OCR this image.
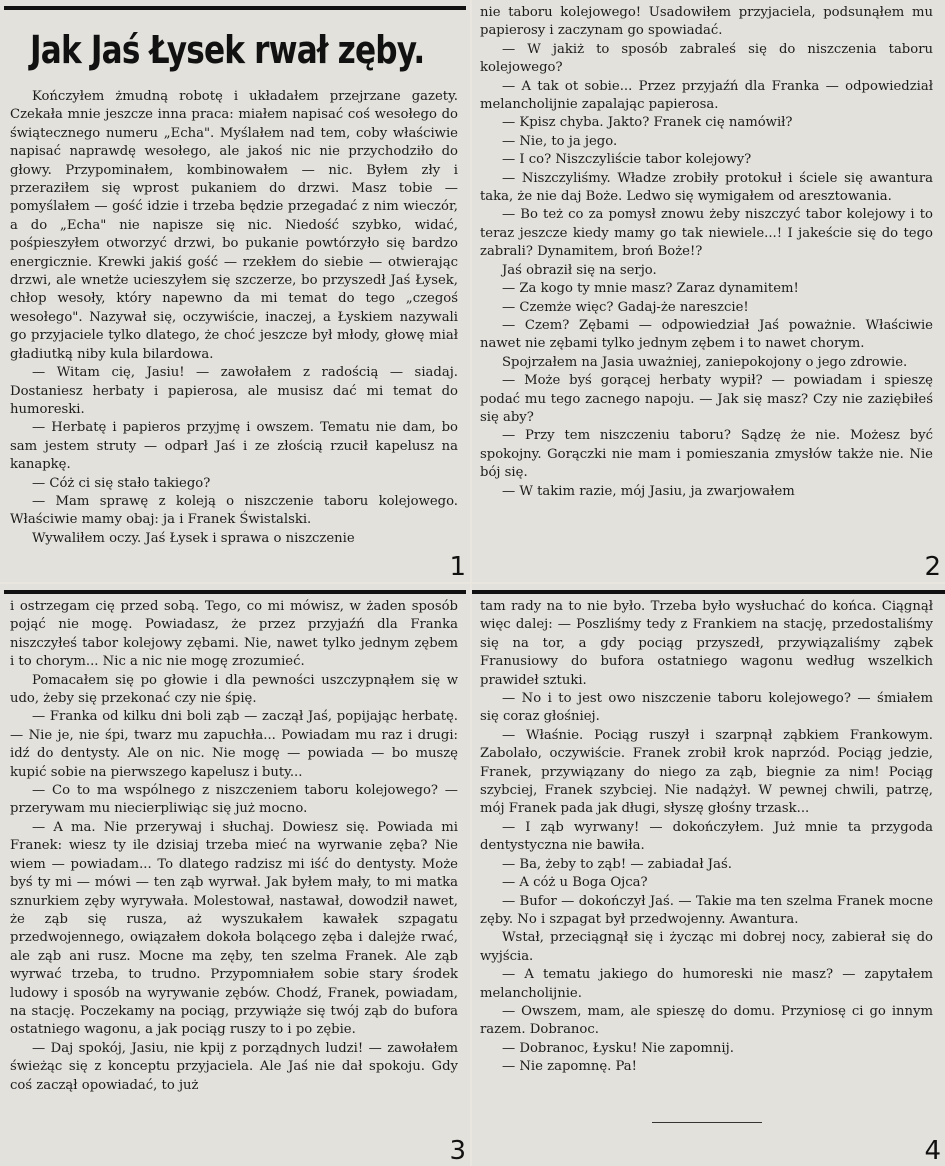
Jak Jaś Łysek rwał zęby.

Kończyłem żmudną robotę i układałem przejrzane gazety. Czekała mnie jeszcze inna praca: miałem napisać coś wesołego do świątecznego numeru „Echa". Myślałem nad tem, coby właściwie napisać naprawdę wesołego, ale jakoś nic nie przychodziło do głowy. Przypominałem, kombinowałem — nic. Byłem zły i przeraziłem się wprost pukaniem do drzwi. Masz tobie — pomyślałem — gość idzie i trzeba będzie przegadać z nim wieczór, a do „Echa" nie napisze się nic. Niedość szybko, widać, pośpieszyłem otworzyć drzwi, bo pukanie powtórzyło się bardzo energicznie. Krewki jakiś gość — rzekłem do siebie — otwierając drzwi, ale wnetże ucieszyłem się szczerze, bo przyszedł Jaś Łysek, chłop wesoły, który napewno da mi temat do tego „czegoś wesołego". Nazywał się, oczywiście, inaczej, a Łyskiem nazywali go przyjaciele tylko dlatego, że choć jeszcze był młody, głowę miał gładiutką niby kula bilardowa.

— Witam cię, Jasiu! — zawołałem z radością — siadaj. Dostaniesz herbaty i papierosa, ale musisz dać mi temat do humoreski.

— Herbatę i papieros przyjmę i owszem. Tematu nie dam, bo sam jestem struty — odparł Jaś i ze złością rzucił kapelusz na kanapkę.

— Cóż ci się stało takiego?

— Mam sprawę z koleją o niszczenie taboru kolejowego. Właściwie mamy obaj: ja i Franek Świstalski.

Wywaliłem oczy. Jaś Łysek i sprawa o niszczenie

1

nie taboru kolejowego! Usadowiłem przyjaciela, podsunąłem mu papierosy i zaczynam go spowiadać.

— W jakiż to sposób zabraleś się do niszczenia taboru kolejowego?

— A tak ot sobie... Przez przyjaźń dla Franka — odpowiedział melancholijnie zapalając papierosa.

— Kpisz chyba. Jakto? Franek cię namówił?

— Nie, to ja jego.

— I co? Niszczyliście tabor kolejowy?

— Niszczyliśmy. Władze zrobiły protokuł i ściele się awantura taka, że nie daj Boże. Ledwo się wymigałem od aresztowania.

— Bo też co za pomysł znowu żeby niszczyć tabor kolejowy i to teraz jeszcze kiedy mamy go tak niewiele...! I jakeście się do tego zabrali? Dynamitem, broń Boże!?

Jaś obraził się na serjo.

— Za kogo ty mnie masz? Zaraz dynamitem!

— Czemże więc? Gadaj-że nareszcie!

— Czem? Zębami — odpowiedział Jaś poważnie. Właściwie nawet nie zębami tylko jednym zębem i to nawet chorym.

Spojrzałem na Jasia uważniej, zaniepokojony o jego zdrowie.

— Może byś gorącej herbaty wypił? — powiadam i spieszę podać mu tego zacnego napoju. — Jak się masz? Czy nie zaziębiłeś się aby?

— Przy tem niszczeniu taboru? Sądzę że nie. Możesz być spokojny. Gorączki nie mam i pomieszania zmysłów także nie. Nie bój się.

— W takim razie, mój Jasiu, ja zwarjowałem

2

i ostrzegam cię przed sobą. Tego, co mi mówisz, w żaden sposób pojąć nie mogę. Powiadasz, że przez przyjaźń dla Franka niszczyłeś tabor kolejowy zębami. Nie, nawet tylko jednym zębem i to chorym... Nic a nic nie mogę zrozumieć.

Pomacałem się po głowie i dla pewności uszczypnąłem się w udo, żeby się przekonać czy nie śpię.

— Franka od kilku dni boli ząb — zaczął Jaś, popijając herbatę. — Nie je, nie śpi, twarz mu zapuchła... Powiadam mu raz i drugi: idź do dentysty. Ale on nic. Nie mogę — powiada — bo muszę kupić sobie na pierwszego kapelusz i buty...

— Co to ma wspólnego z niszczeniem taboru kolejowego? — przerywam mu niecierpliwiąc się już mocno.

— A ma. Nie przerywaj i słuchaj. Dowiesz się. Powiada mi Franek: wiesz ty ile dzisiaj trzeba mieć na wyrwanie zęba? Nie wiem — powiadam... To dlatego radzisz mi iść do dentysty. Może byś ty mi — mówi — ten ząb wyrwał. Jak byłem mały, to mi matka sznurkiem zęby wyrywała. Molestował, nastawał, dowodził nawet, że ząb się rusza, aż wyszukałem kawałek szpagatu przedwojennego, owiązałem dokoła bolącego zęba i dalejże rwać, ale ząb ani rusz. Mocne ma zęby, ten szelma Franek. Ale ząb wyrwać trzeba, to trudno. Przypomniałem sobie stary środek ludowy i sposób na wyrywanie zębów. Chodź, Franek, powiadam, na stację. Poczekamy na pociąg, przywiąże się twój ząb do bufora ostatniego wagonu, a jak pociąg ruszy to i po zębie.

— Daj spokój, Jasiu, nie kpij z porządnych ludzi! — zawołałem świeżąc się z konceptu przyjaciela. Ale Jaś nie dał spokoju. Gdy coś zaczął opowiadać, to już

3

tam rady na to nie było. Trzeba było wysłuchać do końca. Ciągnął więc dalej: — Poszliśmy tedy z Frankiem na stację, przedostaliśmy się na tor, a gdy pociąg przyszedł, przywiązaliśmy ząbek Franusiowy do bufora ostatniego wagonu według wszelkich prawideł sztuki.

— No i to jest owo niszczenie taboru kolejowego? — śmiałem się coraz głośniej.

— Właśnie. Pociąg ruszył i szarpnął ząbkiem Frankowym. Zabolało, oczywiście. Franek zrobił krok naprzód. Pociąg jedzie, Franek, przywiązany do niego za ząb, biegnie za nim! Pociąg szybciej, Franek szybciej. Nie nadążył. W pewnej chwili, patrzę, mój Franek pada jak długi, słyszę głośny trzask...

— I ząb wyrwany! — dokończyłem. Już mnie ta przygoda dentystyczna nie bawiła.

— Ba, żeby to ząb! — zabiadał Jaś.

— A cóż u Boga Ojca?

— Bufor — dokończył Jaś. — Takie ma ten szelma Franek mocne zęby. No i szpagat był przedwojenny. Awantura.

Wstał, przeciągnął się i życząc mi dobrej nocy, zabierał się do wyjścia.

— A tematu jakiego do humoreski nie masz? — zapytałem melancholijnie.

— Owszem, mam, ale spieszę do domu. Przyniosę ci go innym razem. Dobranoc.

— Dobranoc, Łysku! Nie zapomnij.

— Nie zapomnę. Pa!

4
